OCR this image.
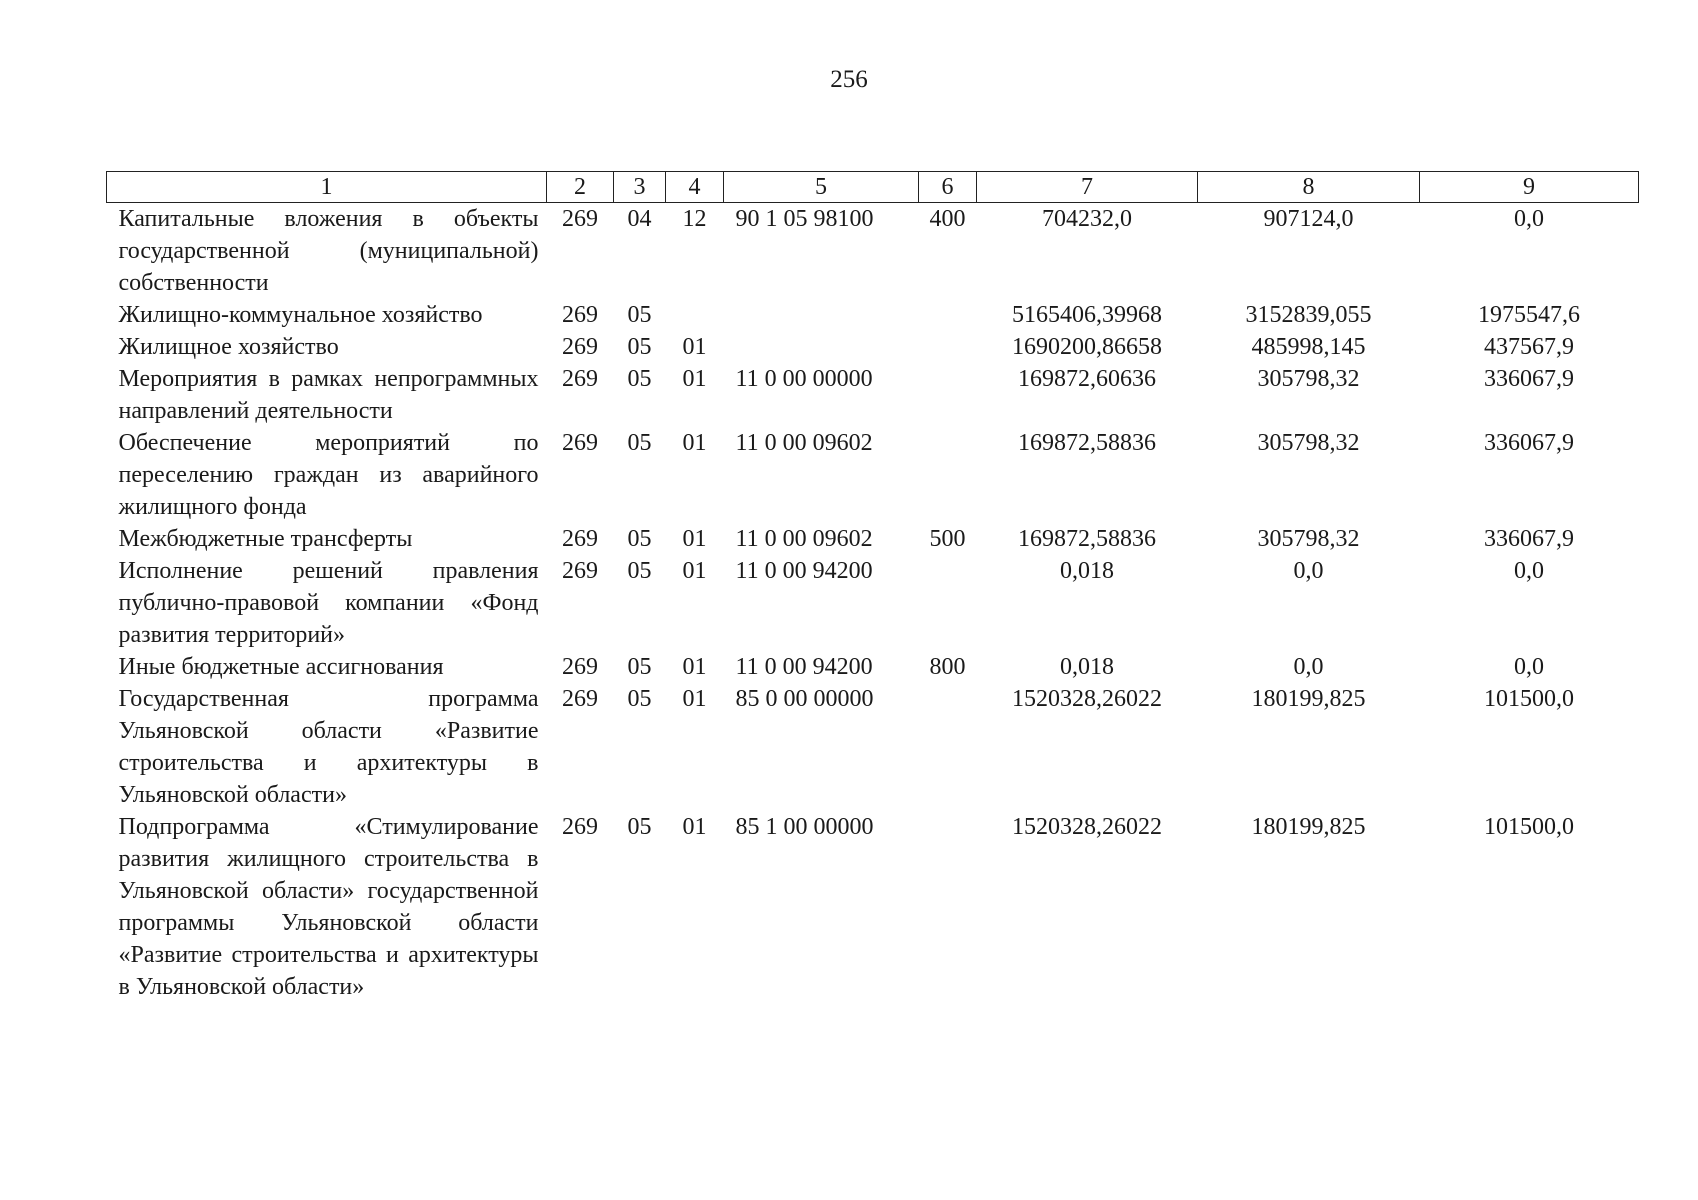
256
1	2	3	4	5	6	7	8	9
Капитальные вложения в объекты государственной (муниципальной) собственности	269	04	12	90 1 05 98100	400	704232,0	907124,0	0,0
Жилищно-коммунальное хозяйство	269	05				5165406,39968	3152839,055	1975547,6
Жилищное хозяйство	269	05	01			1690200,86658	485998,145	437567,9
Мероприятия в рамках непрограммных направлений деятельности	269	05	01	11 0 00 00000		169872,60636	305798,32	336067,9
Обеспечение мероприятий по переселению граждан из аварийного жилищного фонда	269	05	01	11 0 00 09602		169872,58836	305798,32	336067,9
Межбюджетные трансферты	269	05	01	11 0 00 09602	500	169872,58836	305798,32	336067,9
Исполнение решений правления публично-правовой компании «Фонд развития территорий»	269	05	01	11 0 00 94200		0,018	0,0	0,0
Иные бюджетные ассигнования	269	05	01	11 0 00 94200	800	0,018	0,0	0,0
Государственная программа Ульяновской области «Развитие строительства и архитектуры в Ульяновской области»	269	05	01	85 0 00 00000		1520328,26022	180199,825	101500,0
Подпрограмма «Стимулирование развития жилищного строительства в Ульяновской области» государственной программы Ульяновской области «Развитие строительства и архитектуры в Ульяновской области»	269	05	01	85 1 00 00000		1520328,26022	180199,825	101500,0
